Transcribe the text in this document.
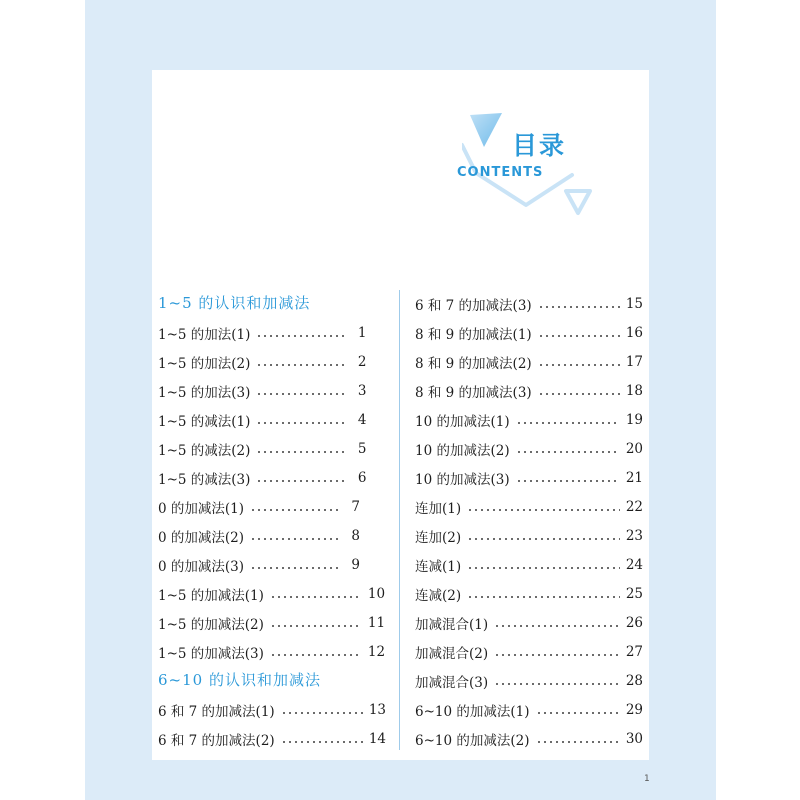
目录
CONTENTS
1~5 的认识和加减法
1~5 的加法(1)	1
1~5 的加法(2)	2
1~5 的加法(3)	3
1~5 的减法(1)	4
1~5 的减法(2)	5
1~5 的减法(3)	6
0 的加减法(1)	7
0 的加减法(2)	8
0 的加减法(3)	9
1~5 的加减法(1)	10
1~5 的加减法(2)	11
1~5 的加减法(3)	12
6~10 的认识和加减法
6 和 7 的加减法(1)	13
6 和 7 的加减法(2)	14
6 和 7 的加减法(3)	15
8 和 9 的加减法(1)	16
8 和 9 的加减法(2)	17
8 和 9 的加减法(3)	18
10 的加减法(1)	19
10 的加减法(2)	20
10 的加减法(3)	21
连加(1)	22
连加(2)	23
连减(1)	24
连减(2)	25
加减混合(1)	26
加减混合(2)	27
加减混合(3)	28
6~10 的加减法(1)	29
6~10 的加减法(2)	30
1
